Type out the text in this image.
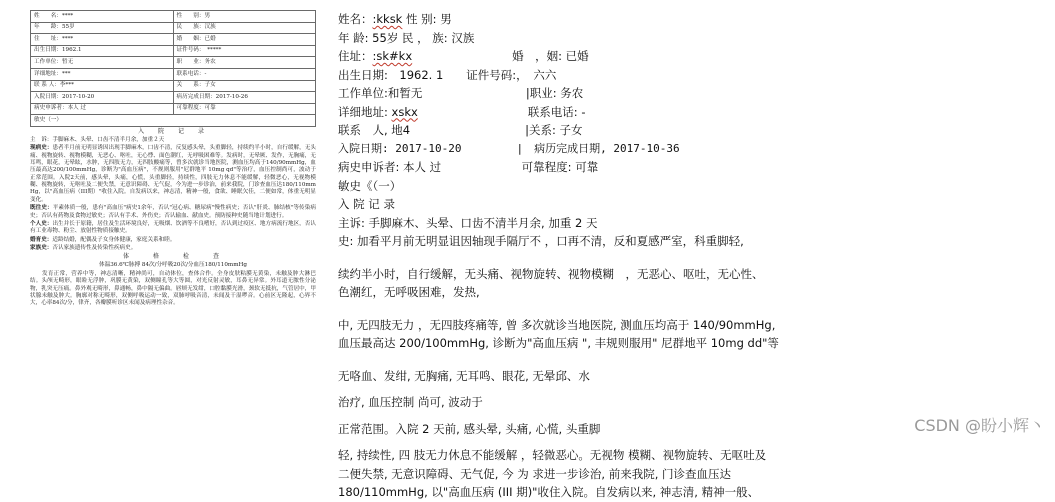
姓　　名：****	性　　别：男
年　　龄：55岁	民　　族：汉族
住　　址：****	婚　　姻：已婚
出生日期：1962.1	证件号码：　*****
工作单位：暂无	职　　业：务农
详细地址：***	联系电话：-
联 系 人：李***	关　　系：子女
入院日期：2017-10-20	病历完成日期：2017-10-26
病史申诉者：本人 过	可靠程度：可靠
敏史（一）	
入　院　记　录
主　诉：手脚麻木、头晕、口齿不清半月余，加重２天
现病史：患者半月前无明显诱因出现手脚麻木，口齿不清，反复感头晕，头重脚轻，持续约半小时，自行缓解，无头痛、视物旋转、视物模糊，无恶心、呕吐，无心悸、面色潮红，无呼吸困难等。发病时，无晕厥、发作，无胸痛，无耳鸣，眼花，无晕眩，水肿，无四肢无力，无四肢酸痛等，曾多次就诊当地医院，测血压均高于140/90mmHg，血压最高达200/100mmHg，诊断为"高血压病"，不规则服用"尼群地平 10mg qd"等治疗，血压控制尚可，波动于正常范围。入院2天前，感头晕，头痛，心慌，头重脚轻，持续性，四肢无力休息不能缓解，轻微恶心，无视物模糊、视物旋转，无呕吐及二便失禁，无意识障碍、无气促，今为进一步诊治，前来我院，门诊查血压达180/110mmHg，以"高血压病（III期）"收住入院。自发病以来，神志清，精神一般，食欲、睡眠欠佳，二便如常，体重无明显变化。
既往史：平素体质一般，患有"高血压"病史1余年，否认"冠心病、糖尿病"慢性病史；否认"肝炎、肺结核"等传染病史；否认有药物及食物过敏史；否认有手术、外伤史；否认输血、献血史。预防接种史随当地计划进行。
个人史：出生并长于原籍，居住及生活环境良好，无吸烟、饮酒等不良嗜好，否认到过疫区、地方病流行地区，否认有工业毒物、粉尘、放射性物质接触史。
婚育史：适龄结婚，配偶及子女身体健康，家庭关系和睦。
家族史：否认家族遗传性及传染性疾病史。
体　　格　　检　　查
体温36.6℃脉搏 84次/分呼吸20次/分血压180/110mmHg
发育正常，营养中等，神志清晰，精神尚可，自动体位，查体合作。全身皮肤粘膜无黄染，未触及肿大淋巴结。头颅无畸形，眼睑无浮肿，巩膜无黄染，双侧瞳孔等大等圆，对光反射灵敏，耳鼻无异常。外耳道无脓性分泌物，乳突无压痛。鼻外观无畸形，鼻通畅，鼻中隔无偏曲。唇颊无发绀，口腔黏膜光滑，颈软无抵抗，气管居中，甲状腺未触及肿大。胸廓对称无畸形，双侧呼吸运动一致，双肺呼吸音清，未闻及干湿啰音。心前区无隆起，心界不大，心率84次/分，律齐，各瓣膜听诊区未闻及病理性杂音。
姓名：:kksk 性 别: 男
年 龄: 55岁 民 ， 族: 汉族
住址：:sk#kx	婚　，姻: 已婚
出生日期:　1962. 1　　证件号码:，　六六
工作单位:和暂无　　　　　　　　　|职业: 务农
详细地址: xskx	联系电话: -
联系　人, 地4　　　　　　　　　　|关系: 子女
入院日期: 2017-10-20　　　　　|　病历完成日期, 2017-10-36
病史申诉者: 本人 过　　　　　　　可靠程度: 可靠
敏史《（一）
入 院 记 录
主诉: 手脚麻木、头晕、口齿不清半月余, 加重 2 天
史: 加看平月前无明显诅因轴现手隔厅不 ，口再不清，反和夏感严室，科重脚轻,
续约半小时，自行缓解，无头痛、视物旋转、视物模糊　，无恶心、呕吐，无心性、
色潮红，无呼吸困难，发热,
中, 无四肢无力 ，无四肢疼痛等, 曾 多次就诊当地医院, 测血压均高于 140/90mmHg,
血压最高达 200/100mmHg, 诊断为"高血压病 ", 丰规则服用" 尼群地平 10mg dd"等
无咯血、发绀, 无胸痛, 无耳鸣、眼花, 无晕邱、水
治疗, 血压控制 尚可, 波动于
正常范围。入院 2 天前, 感头晕, 头痛, 心慌, 头重脚
轻, 持续性, 四 肢无力休息不能缓解 ，轻微恶心。无视物 模糊、视物旋转、无呕吐及
二便失禁, 无意识障碍、无气促, 今 为 求进一步诊治, 前来我院, 门诊查血压达
180/110mmHg, 以"高血压病 (III 期)"收住入院。自发病以来, 神志清, 精神一般、
CSDN @盼小辉丶
